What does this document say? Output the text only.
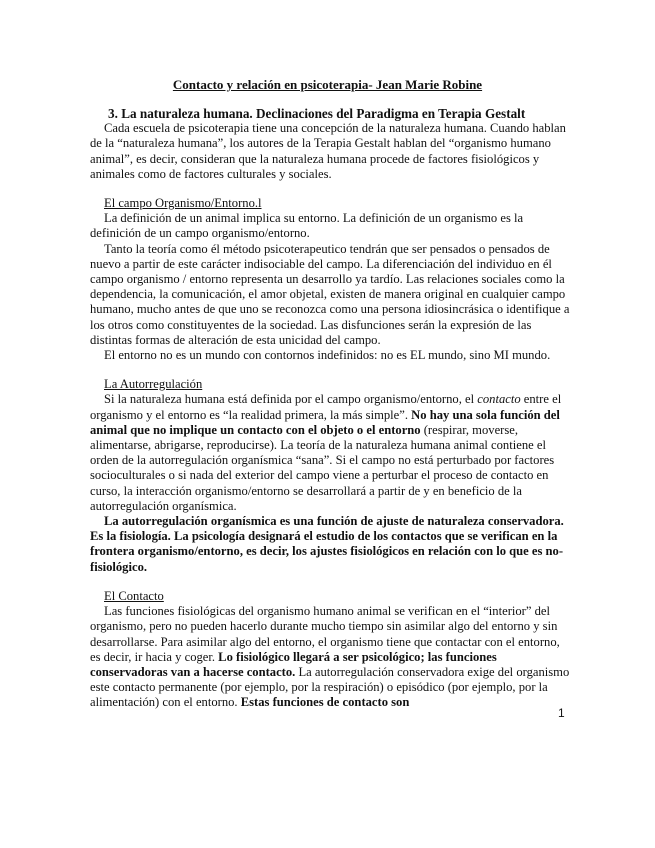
Contacto y relación en psicoterapia- Jean Marie Robine
3. La naturaleza humana. Declinaciones del Paradigma en Terapia Gestalt

Cada escuela de psicoterapia tiene una concepción de la naturaleza humana. Cuando hablan de la “naturaleza humana”, los autores de la Terapia Gestalt hablan del “organismo humano animal”, es decir, consideran que la naturaleza humana procede de factores fisiológicos y animales como de factores culturales y sociales.

El campo Organismo/Entorno.l

La definición de un animal implica su entorno. La definición de un organismo es la definición de un campo organismo/entorno.

Tanto la teoría como él método psicoterapeutico tendrán que ser pensados o pensados de nuevo a partir de este carácter indisociable del campo. La diferenciación del individuo en él campo organismo / entorno representa un desarrollo ya tardío. Las relaciones sociales como la dependencia, la comunicación, el amor objetal, existen de manera original en cualquier campo humano, mucho antes de que uno se reconozca como una persona idiosincrásica o identifique a los otros como constituyentes de la sociedad. Las disfunciones serán la expresión de las distintas formas de alteración de esta unicidad del campo.

El entorno no es un mundo con contornos indefinidos: no es EL mundo, sino MI mundo.

La Autorregulación

Si la naturaleza humana está definida por el campo organismo/entorno, el contacto entre el organismo y el entorno es “la realidad primera, la más simple”. No hay una sola función del animal que no implique un contacto con el objeto o el entorno (respirar, moverse, alimentarse, abrigarse, reproducirse). La teoría de la naturaleza humana animal contiene el orden de la autorregulación organísmica “sana”. Si el campo no está perturbado por factores socioculturales o si nada del exterior del campo viene a perturbar el proceso de contacto en curso, la interacción organismo/entorno se desarrollará a partir de y en beneficio de la autorregulación organísmica.

La autorregulación organísmica es una función de ajuste de naturaleza conservadora. Es la fisiología. La psicología designará el estudio de los contactos que se verifican en la frontera organismo/entorno, es decir, los ajustes fisiológicos en relación con lo que es no-fisiológico.

El Contacto

Las funciones fisiológicas del organismo humano animal se verifican en el “interior” del organismo, pero no pueden hacerlo durante mucho tiempo sin asimilar algo del entorno y sin desarrollarse. Para asimilar algo del entorno, el organismo tiene que contactar con el entorno, es decir, ir hacia y coger. Lo fisiológico llegará a ser psicológico; las funciones conservadoras van a hacerse contacto. La autorregulación conservadora exige del organismo este contacto permanente (por ejemplo, por la respiración) o episódico (por ejemplo, por la alimentación) con el entorno. Estas funciones de contacto son

1
